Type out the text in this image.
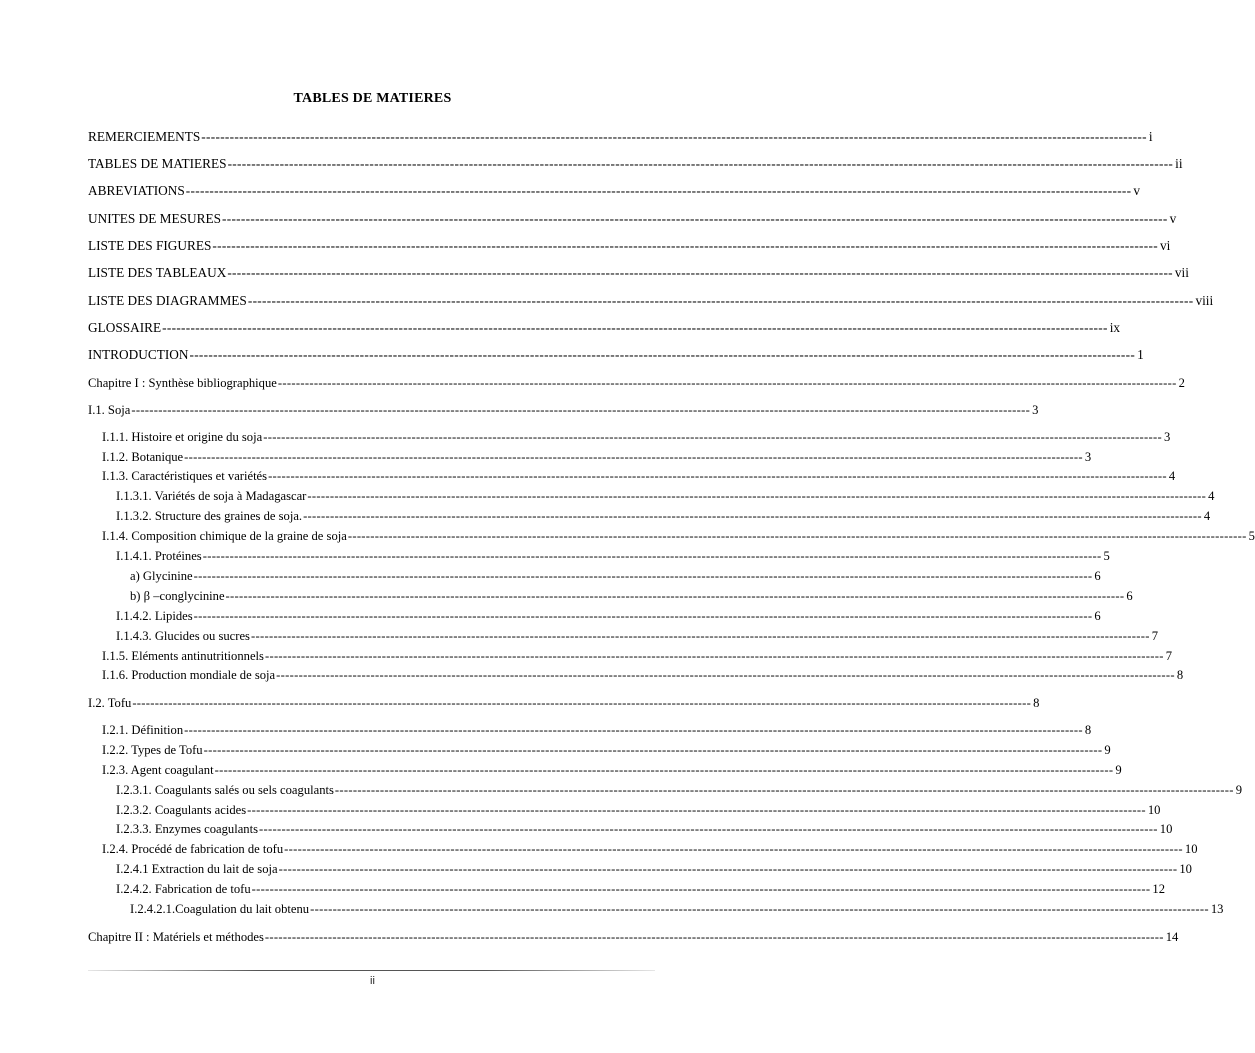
TABLES DE MATIERES
REMERCIEMENTS -------------------------------------------------------------------------------------------------------------------------------------------------------------------------------------------------------- i
TABLES DE MATIERES -------------------------------------------------------------------------------------------------------------------------------------------------------------------------------------------------------- ii
ABREVIATIONS -------------------------------------------------------------------------------------------------------------------------------------------------------------------------------------------------------- v
UNITES DE MESURES -------------------------------------------------------------------------------------------------------------------------------------------------------------------------------------------------------- v
LISTE DES FIGURES -------------------------------------------------------------------------------------------------------------------------------------------------------------------------------------------------------- vi
LISTE DES TABLEAUX -------------------------------------------------------------------------------------------------------------------------------------------------------------------------------------------------------- vii
LISTE DES DIAGRAMMES -------------------------------------------------------------------------------------------------------------------------------------------------------------------------------------------------------- viii
GLOSSAIRE -------------------------------------------------------------------------------------------------------------------------------------------------------------------------------------------------------- ix
INTRODUCTION -------------------------------------------------------------------------------------------------------------------------------------------------------------------------------------------------------- 1
Chapitre I : Synthèse bibliographique -------------------------------------------------------------------------------------------------------------------------------------------------------------------------------------------------------- 2
I.1. Soja -------------------------------------------------------------------------------------------------------------------------------------------------------------------------------------------------------- 3
I.1.1. Histoire et origine du soja -------------------------------------------------------------------------------------------------------------------------------------------------------------------------------------------------------- 3
I.1.2. Botanique -------------------------------------------------------------------------------------------------------------------------------------------------------------------------------------------------------- 3
I.1.3. Caractéristiques et variétés -------------------------------------------------------------------------------------------------------------------------------------------------------------------------------------------------------- 4
I.1.3.1. Variétés de soja à Madagascar -------------------------------------------------------------------------------------------------------------------------------------------------------------------------------------------------------- 4
I.1.3.2. Structure des graines de soja. -------------------------------------------------------------------------------------------------------------------------------------------------------------------------------------------------------- 4
I.1.4. Composition chimique de la graine de soja -------------------------------------------------------------------------------------------------------------------------------------------------------------------------------------------------------- 5
I.1.4.1. Protéines -------------------------------------------------------------------------------------------------------------------------------------------------------------------------------------------------------- 5
a) Glycinine -------------------------------------------------------------------------------------------------------------------------------------------------------------------------------------------------------- 6
b) β –conglycinine -------------------------------------------------------------------------------------------------------------------------------------------------------------------------------------------------------- 6
I.1.4.2. Lipides -------------------------------------------------------------------------------------------------------------------------------------------------------------------------------------------------------- 6
I.1.4.3. Glucides ou sucres -------------------------------------------------------------------------------------------------------------------------------------------------------------------------------------------------------- 7
I.1.5. Eléments antinutritionnels -------------------------------------------------------------------------------------------------------------------------------------------------------------------------------------------------------- 7
I.1.6. Production mondiale de soja -------------------------------------------------------------------------------------------------------------------------------------------------------------------------------------------------------- 8
I.2. Tofu -------------------------------------------------------------------------------------------------------------------------------------------------------------------------------------------------------- 8
I.2.1. Définition -------------------------------------------------------------------------------------------------------------------------------------------------------------------------------------------------------- 8
I.2.2. Types de Tofu -------------------------------------------------------------------------------------------------------------------------------------------------------------------------------------------------------- 9
I.2.3. Agent coagulant -------------------------------------------------------------------------------------------------------------------------------------------------------------------------------------------------------- 9
I.2.3.1. Coagulants salés ou sels coagulants -------------------------------------------------------------------------------------------------------------------------------------------------------------------------------------------------------- 9
I.2.3.2. Coagulants acides -------------------------------------------------------------------------------------------------------------------------------------------------------------------------------------------------------- 10
I.2.3.3. Enzymes coagulants -------------------------------------------------------------------------------------------------------------------------------------------------------------------------------------------------------- 10
I.2.4. Procédé de fabrication de tofu -------------------------------------------------------------------------------------------------------------------------------------------------------------------------------------------------------- 10
I.2.4.1 Extraction du lait de soja -------------------------------------------------------------------------------------------------------------------------------------------------------------------------------------------------------- 10
I.2.4.2. Fabrication de tofu -------------------------------------------------------------------------------------------------------------------------------------------------------------------------------------------------------- 12
I.2.4.2.1.Coagulation du lait obtenu -------------------------------------------------------------------------------------------------------------------------------------------------------------------------------------------------------- 13
Chapitre II : Matériels et méthodes -------------------------------------------------------------------------------------------------------------------------------------------------------------------------------------------------------- 14
ii
